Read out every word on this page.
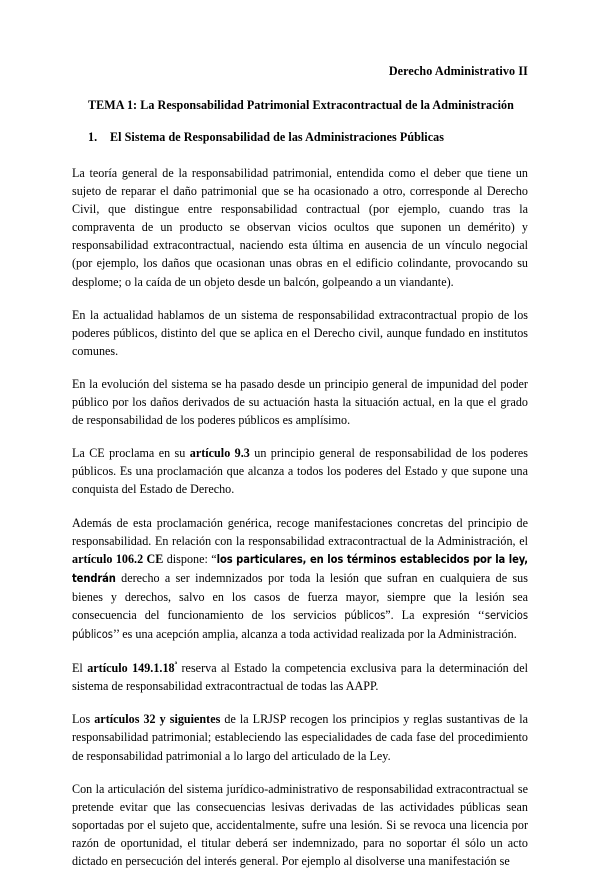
Derecho Administrativo II
TEMA 1: La Responsabilidad Patrimonial Extracontractual de la Administración
1.	El Sistema de Responsabilidad de las Administraciones Públicas

La teoría general de la responsabilidad patrimonial, entendida como el deber que tiene un sujeto de reparar el daño patrimonial que se ha ocasionado a otro, corresponde al Derecho Civil, que distingue entre responsabilidad contractual (por ejemplo, cuando tras la compraventa de un producto se observan vicios ocultos que suponen un demérito) y responsabilidad extracontractual, naciendo esta última en ausencia de un vínculo negocial (por ejemplo, los daños que ocasionan unas obras en el edificio colindante, provocando su desplome; o la caída de un objeto desde un balcón, golpeando a un viandante).

En la actualidad hablamos de un sistema de responsabilidad extracontractual propio de los poderes públicos, distinto del que se aplica en el Derecho civil, aunque fundado en institutos comunes.

En la evolución del sistema se ha pasado desde un principio general de impunidad del poder público por los daños derivados de su actuación hasta la situación actual, en la que el grado de responsabilidad de los poderes públicos es amplísimo.

La CE proclama en su artículo 9.3 un principio general de responsabilidad de los poderes públicos. Es una proclamación que alcanza a todos los poderes del Estado y que supone una conquista del Estado de Derecho.

Además de esta proclamación genérica, recoge manifestaciones concretas del principio de responsabilidad. En relación con la responsabilidad extracontractual de la Administración, el artículo 106.2 CE dispone: “los particulares, en los términos establecidos por la ley, tendrán derecho a ser indemnizados por toda la lesión que sufran en cualquiera de sus bienes y derechos, salvo en los casos de fuerza mayor, siempre que la lesión sea consecuencia del funcionamiento de los servicios públicos”. La expresión ‘‘servicios públicos’’ es una acepción amplia, alcanza a toda actividad realizada por la Administración.

El artículo $149.1.18^ª$ reserva al Estado la competencia exclusiva para la determinación del sistema de responsabilidad extracontractual de todas las AAPP.

Los artículos 32 y siguientes de la LRJSP recogen los principios y reglas sustantivas de la responsabilidad patrimonial; estableciendo las especialidades de cada fase del procedimiento de responsabilidad patrimonial a lo largo del articulado de la Ley.

Con la articulación del sistema jurídico-administrativo de responsabilidad extracontractual se pretende evitar que las consecuencias lesivas derivadas de las actividades públicas sean soportadas por el sujeto que, accidentalmente, sufre una lesión. Si se revoca una licencia por razón de oportunidad, el titular deberá ser indemnizado, para no soportar él sólo un acto dictado en persecución del interés general. Por ejemplo al disolverse una manifestación se
